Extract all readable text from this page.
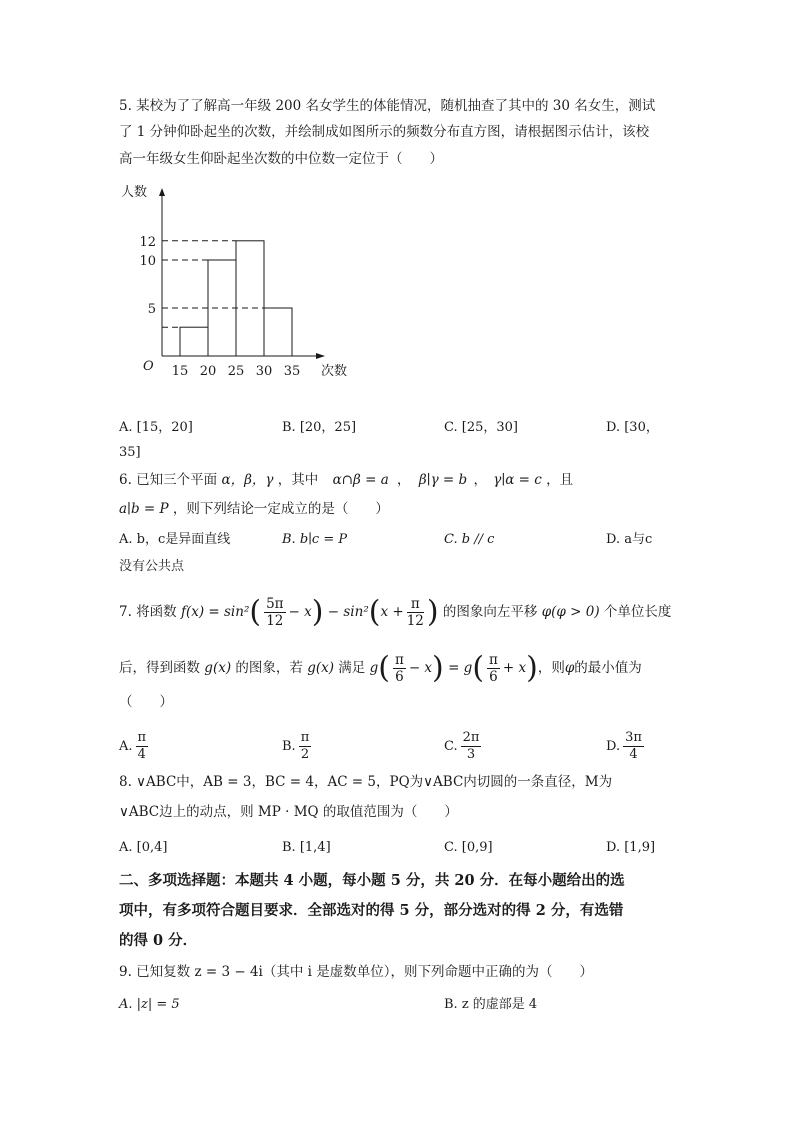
5. 某校为了了解高一年级 200 名女学生的体能情况，随机抽查了其中的 30 名女生，测试
了 1 分钟仰卧起坐的次数，并绘制成如图所示的频数分布直方图，请根据图示估计，该校
高一年级女生仰卧起坐次数的中位数一定位于（　　）
人数
次数
O 15 20 25 30 35
5
10
12
A. [15，20]	B. [20，25]	C. [25，30]	D. [30，
35]
6. 已知三个平面 α，β，γ ，其中 α∩β = a ， β∣γ = b ， γ∣α = c ，且
a∣b = P ，则下列结论一定成立的是（　　）
A. b，c是异面直线	B. b∣c = P	C. b // c	D. a与c
没有公共点
7. 将函数 $f(x) = \sin^2( \frac{5\pi}{12} - x) - \sin^2(x + \frac{\pi}{12}$ ) 的图象向左平移 φ(φ > 0) 个单位长度
后，得到函数 g(x) 的图象，若 g(x) 满足 $g( \frac{\pi}{6} - x) = g( \frac{\pi}{6} + x)$，则φ的最小值为
（　　）
A. $\frac{\pi}{4}$	B. $\frac{\pi}{2}$	C. $\frac{2\pi}{3}$	D. $\frac{3\pi}{4}$
8. ∨ABC中，AB = 3，BC = 4，AC = 5，PQ为∨ABC内切圆的一条直径，M为
∨ABC边上的动点，则 MP · MQ 的取值范围为（　　）
A. [0,4]	B. [1,4]	C. [0,9]	D. [1,9]
二、多项选择题：本题共 4 小题，每小题 5 分，共 20 分．在每小题给出的选
项中，有多项符合题目要求．全部选对的得 5 分，部分选对的得 2 分，有选错
的得 0 分．
9. 已知复数 z = 3 − 4i（其中 i 是虚数单位），则下列命题中正确的为（　　）
A. |z| = 5	B. z 的虚部是 4
